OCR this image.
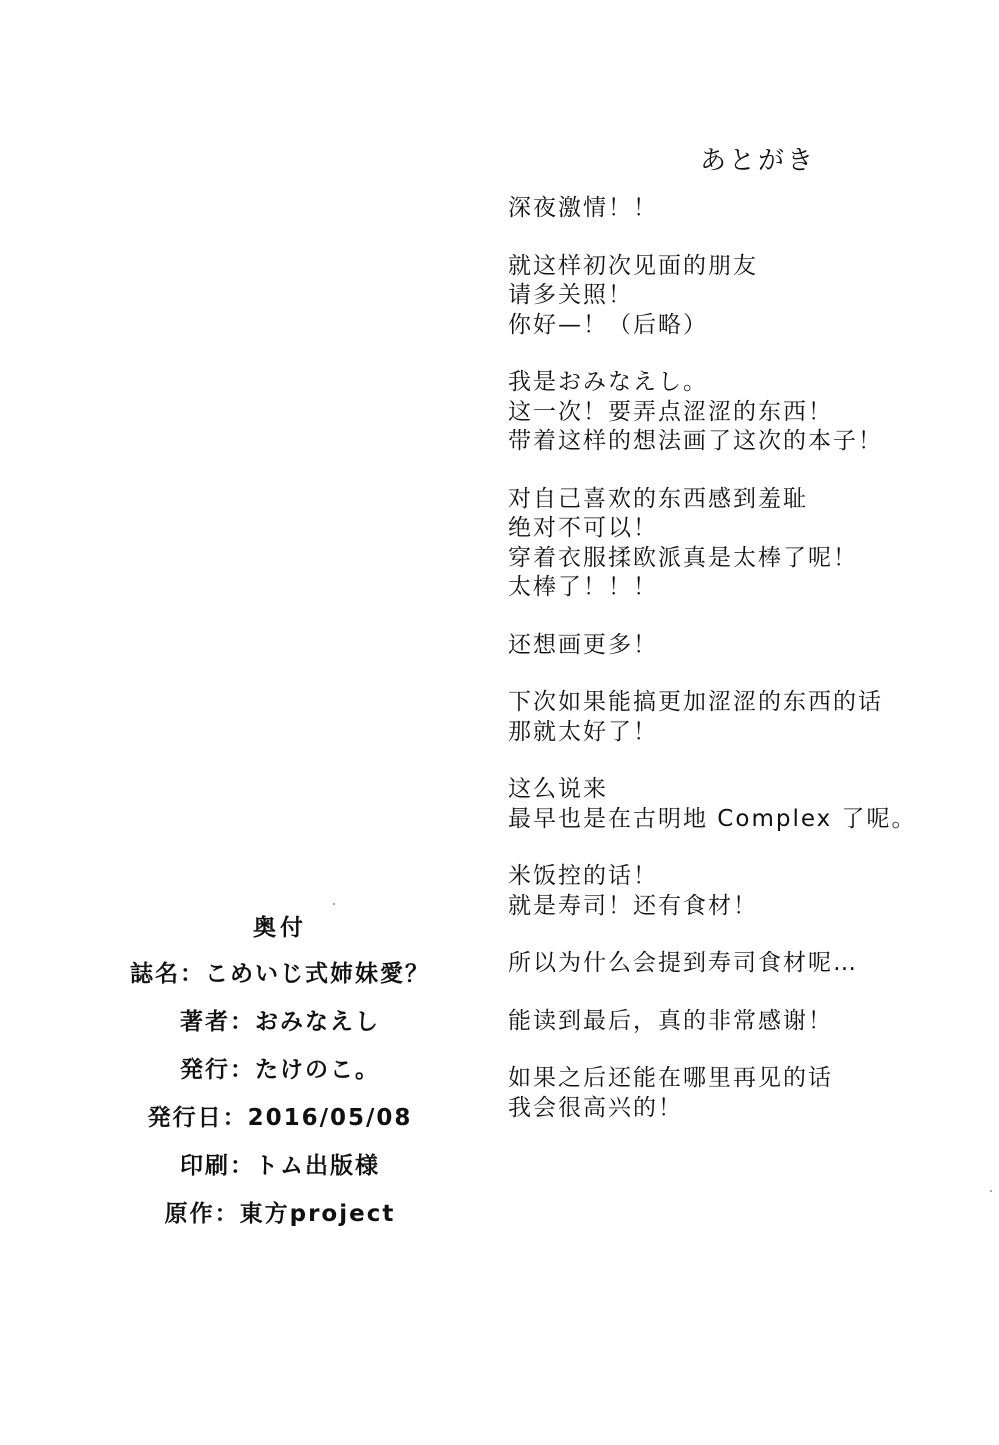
あとがき
深夜激情！！
就这样初次见面的朋友
请多关照！
你好—！（后略）
我是おみなえし。
这一次！要弄点涩涩的东西！
带着这样的想法画了这次的本子！
对自己喜欢的东西感到羞耻
绝对不可以！
穿着衣服揉欧派真是太棒了呢！
太棒了！！！
还想画更多！
下次如果能搞更加涩涩的东西的话
那就太好了！
这么说来
最早也是在古明地 Complex 了呢。
米饭控的话！
就是寿司！还有食材！
所以为什么会提到寿司食材呢…
能读到最后，真的非常感谢！
如果之后还能在哪里再见的话
我会很高兴的！
奥付
誌名：こめいじ式姉妹愛？
著者：おみなえし
発行：たけのこ。
発行日：2016/05/08
印刷：トム出版様
原作：東方project
